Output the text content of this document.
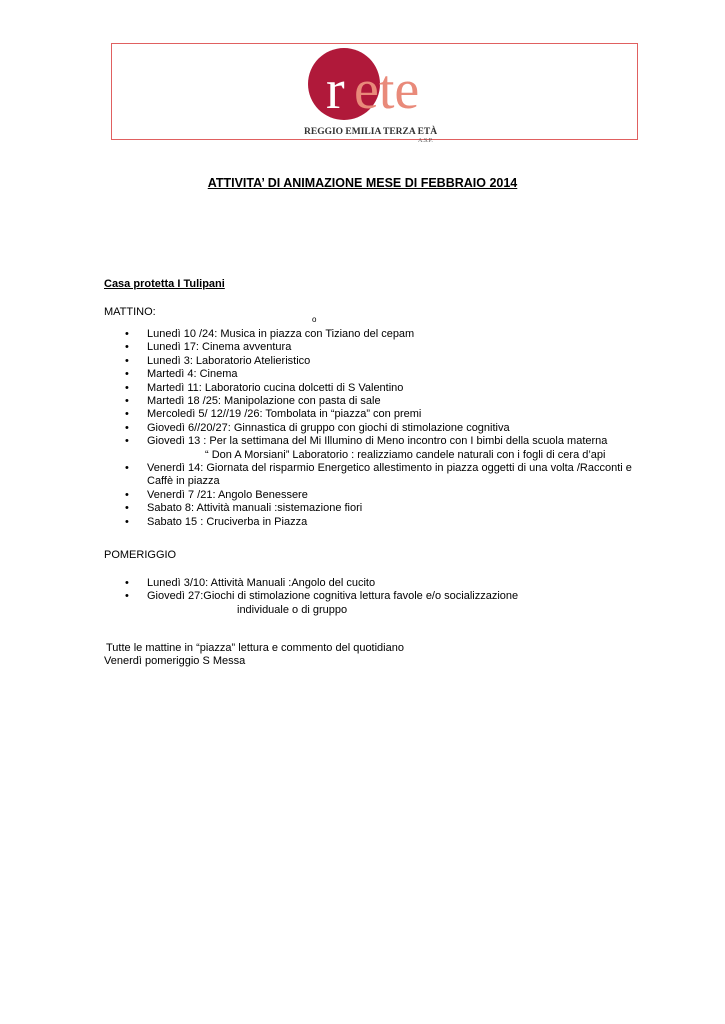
r ete
REGGIO EMILIA TERZA ETÀ
A.S.P.
ATTIVITA’ DI ANIMAZIONE MESE DI FEBBRAIO 2014
Casa protetta I Tulipani
MATTINO:
o
• Lunedì 10 /24: Musica in piazza con Tiziano del cepam
• Lunedì 17: Cinema avventura
• Lunedì 3: Laboratorio Atelieristico
• Martedì 4: Cinema
• Martedì 11: Laboratorio cucina dolcetti di S Valentino
• Martedì 18 /25: Manipolazione con pasta di sale
• Mercoledì 5/ 12//19 /26: Tombolata in “piazza” con premi
• Giovedì 6//20/27: Ginnastica di gruppo con giochi di stimolazione cognitiva
• Giovedì 13 : Per la settimana del Mi Illumino di Meno incontro con I bimbi della scuola materna
“ Don A Morsiani” Laboratorio : realizziamo candele naturali con i fogli di cera d’api
• Venerdì 14: Giornata del risparmio Energetico allestimento in piazza oggetti di una volta /Racconti e
Caffè in piazza
• Venerdì 7 /21: Angolo Benessere
• Sabato 8: Attività manuali :sistemazione fiori
• Sabato 15 : Cruciverba in Piazza
POMERIGGIO
• Lunedì 3/10: Attività Manuali :Angolo del cucito
• Giovedì 27:Giochi di stimolazione cognitiva lettura favole e/o socializzazione
individuale o di gruppo

Tutte le mattine in “piazza” lettura e commento del quotidiano

Venerdì pomeriggio S Messa
